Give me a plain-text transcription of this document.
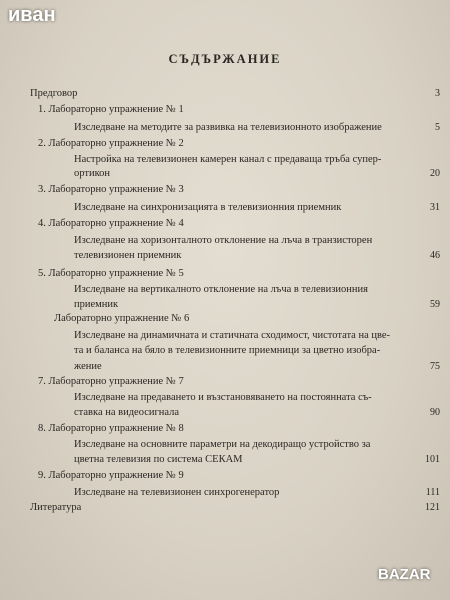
иван
СЪДЪРЖАНИЕ
Предговор	3
1. Лабораторно упражнение № 1
Изследване на методите за развивка на телевизионното изображение	5
2. Лабораторно упражнение № 2
Настройка на телевизионен камерен канал с предаваща тръба супер-
ортикон	20
3. Лабораторно упражнение № 3
Изследване на синхронизацията в телевизионния приемник	31
4. Лабораторно упражнение № 4
Изследване на хоризонталното отклонение на лъча в транзисторен
телевизионен приемник	46
5. Лабораторно упражнение № 5
Изследване на вертикалното отклонение на лъча в телевизионния
приемник	59
Лабораторно упражнение № 6
Изследване на динамичната и статичната сходимост, чистотата на цве-
та и баланса на бяло в телевизионните приемници за цветно изобра-
жение	75
7. Лабораторно упражнение № 7
Изследване на предаването и възстановяването на постоянната съ-
ставка на видеосигнала	90
8. Лабораторно упражнение № 8
Изследване на основните параметри на декодиращо устройство за
цветна телевизия по система СЕКАМ	101
9. Лабораторно упражнение № 9
Изследване на телевизионен синхрогенератор	111
Литература	121
BAZAR
